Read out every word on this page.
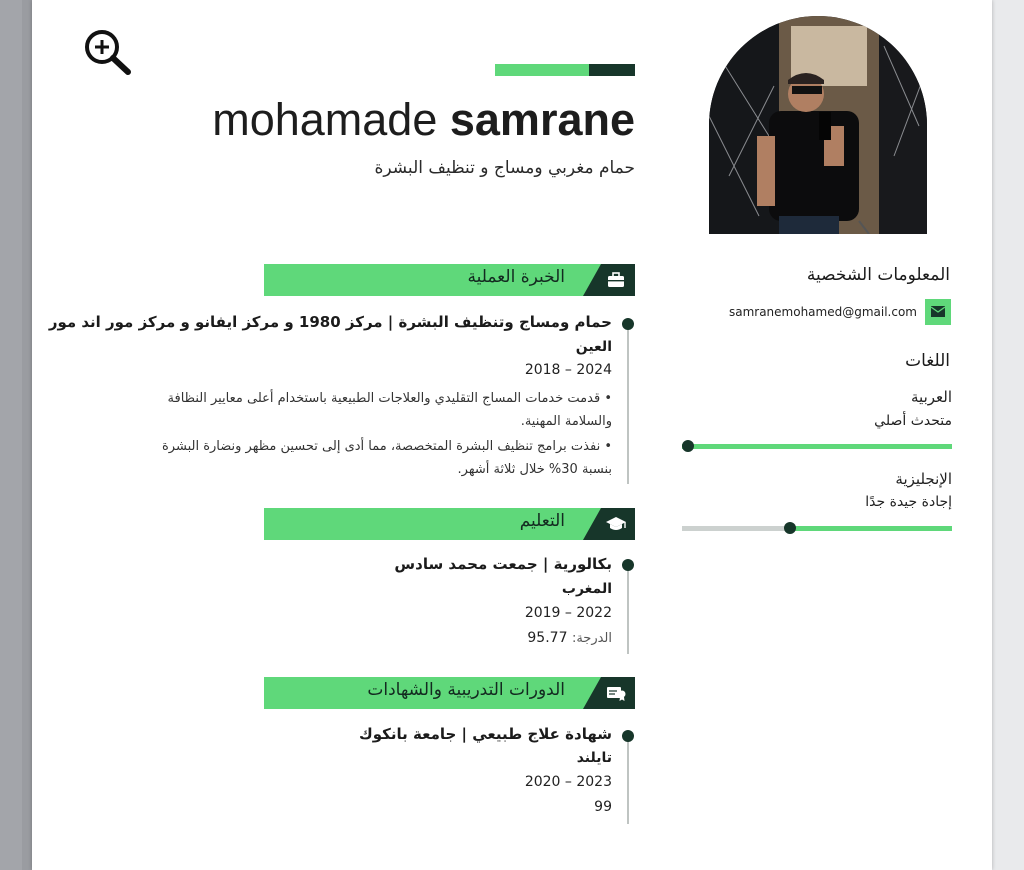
mohamade samrane
حمام مغربي ومساج و تنظيف البشرة
الخبرة العملية
حمام ومساج وتنظيف البشرة | مركز 1980 و مركز ايفانو و مركز مور اند مور
العين
2024 – 2018
• قدمت خدمات المساج التقليدي والعلاجات الطبيعية باستخدام أعلى معايير النظافة
والسلامة المهنية.
• نفذت برامج تنظيف البشرة المتخصصة، مما أدى إلى تحسين مظهر ونضارة البشرة
بنسبة 30% خلال ثلاثة أشهر.
التعليم
بكالورية | جمعت محمد سادس
المغرب
2022 – 2019
الدرجة: 95.77
الدورات التدريبية والشهادات
شهادة علاج طبيعي | جامعة بانكوك
تايلند
2023 – 2020
99
المعلومات الشخصية
samranemohamed@gmail.com
اللغات
العربية
متحدث أصلي
الإنجليزية
إجادة جيدة جدًا
